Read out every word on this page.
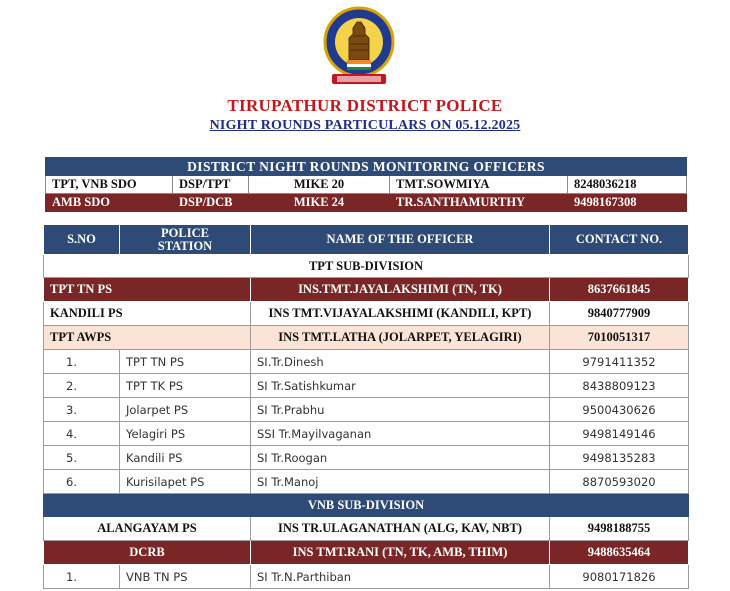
TIRUPATHUR DISTRICT POLICE
NIGHT ROUNDS PARTICULARS ON 05.12.2025
DISTRICT NIGHT ROUNDS MONITORING OFFICERS				
TPT, VNB SDO	DSP/TPT	MIKE 20	TMT.SOWMIYA	8248036218
AMB SDO	DSP/DCB	MIKE 24	TR.SANTHAMURTHY	9498167308
S.NO	POLICE STATION	NAME OF THE OFFICER	CONTACT NO.
TPT SUB-DIVISION			
TPT TN PS		INS.TMT.JAYALAKSHIMI (TN, TK)	8637661845
KANDILI PS		INS TMT.VIJAYALAKSHIMI (KANDILI, KPT)	9840777909
TPT AWPS		INS TMT.LATHA (JOLARPET, YELAGIRI)	7010051317
1.	TPT TN PS	SI.Tr.Dinesh	9791411352
2.	TPT TK PS	SI Tr.Satishkumar	8438809123
3.	Jolarpet PS	SI Tr.Prabhu	9500430626
4.	Yelagiri PS	SSI Tr.Mayilvaganan	9498149146
5.	Kandili PS	SI Tr.Roogan	9498135283
6.	Kurisilapet PS	SI Tr.Manoj	8870593020
VNB SUB-DIVISION			
ALANGAYAM PS		INS TR.ULAGANATHAN (ALG, KAV, NBT)	9498188755
DCRB		INS TMT.RANI (TN, TK, AMB, THIM)	9488635464
1.	VNB TN PS	SI Tr.N.Parthiban	9080171826
